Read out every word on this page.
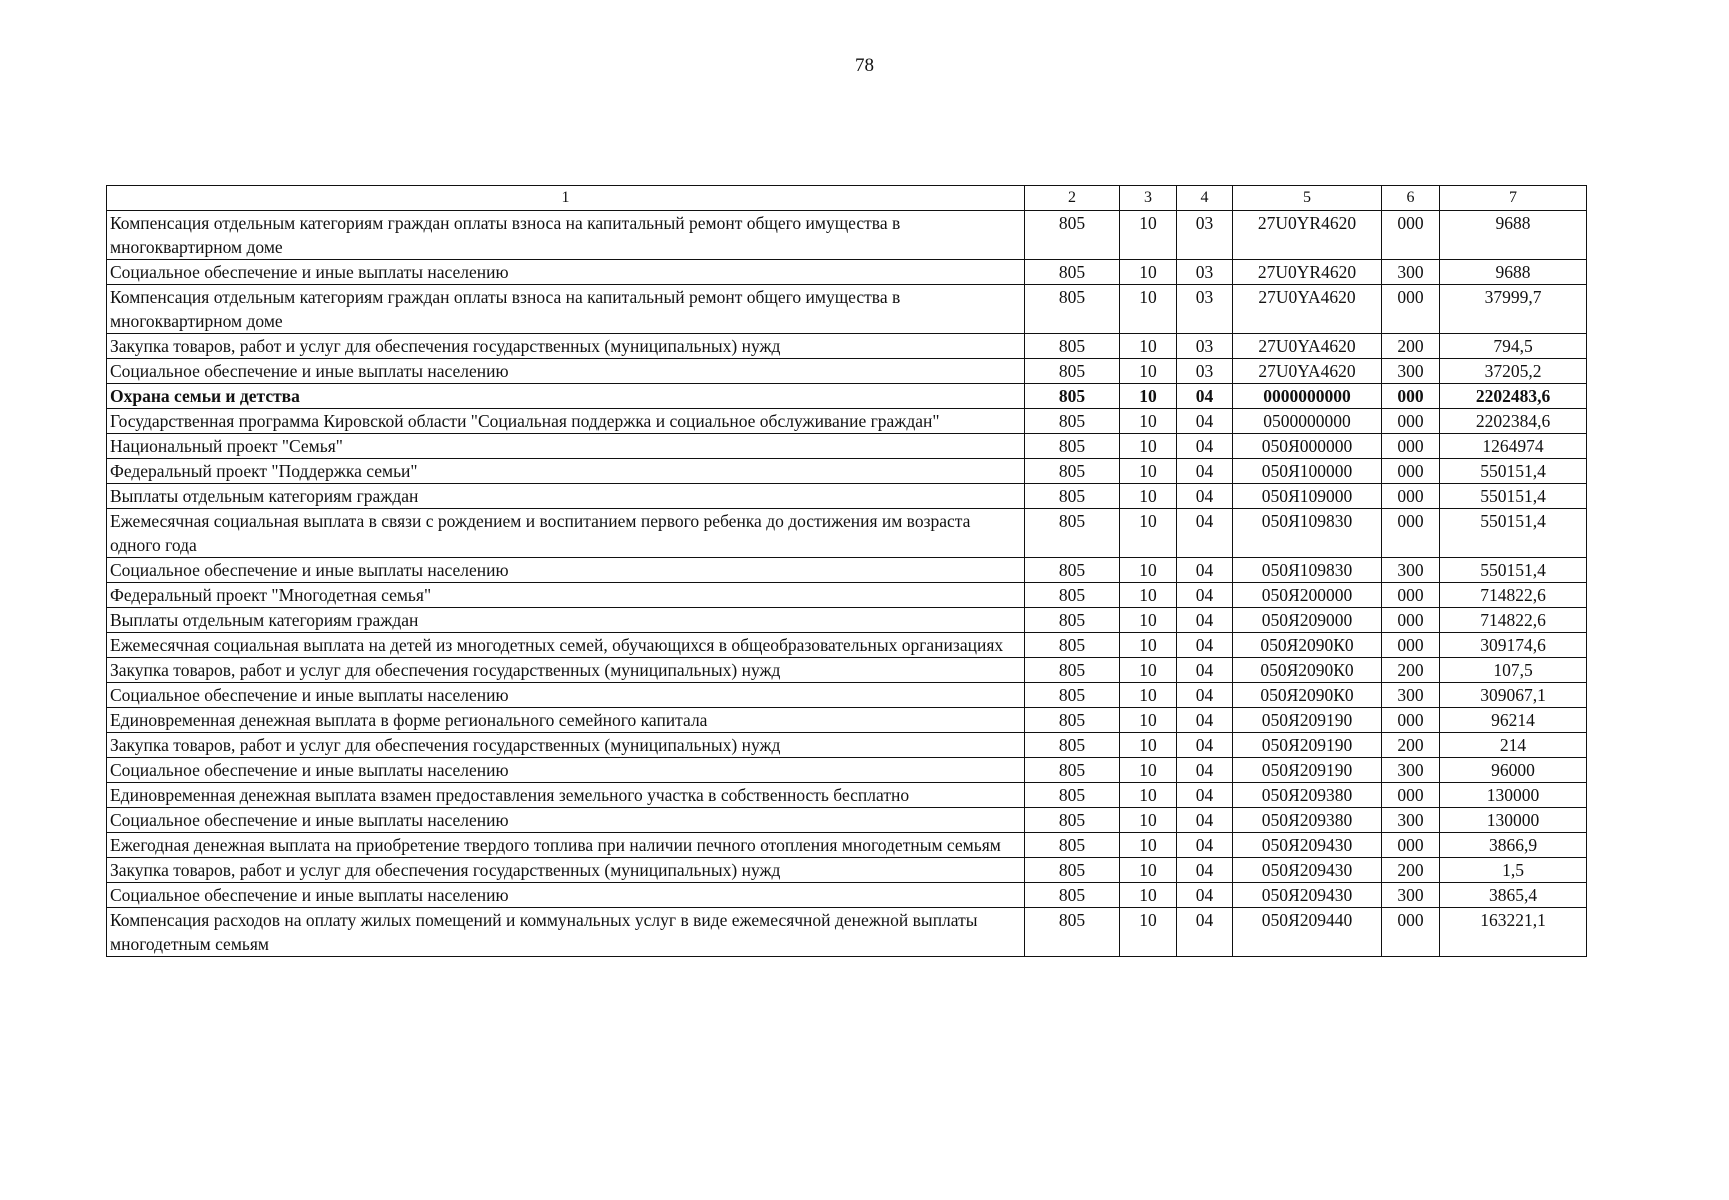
78
1	2	3	4	5	6	7
Компенсация отдельным категориям граждан оплаты взноса на капитальный ремонт общего имущества в многоквартирном доме	805	10	03	27U0YR4620	000	9688
Социальное обеспечение и иные выплаты населению	805	10	03	27U0YR4620	300	9688
Компенсация отдельным категориям граждан оплаты взноса на капитальный ремонт общего имущества в многоквартирном доме	805	10	03	27U0YA4620	000	37999,7
Закупка товаров, работ и услуг для обеспечения государственных (муниципальных) нужд	805	10	03	27U0YA4620	200	794,5
Социальное обеспечение и иные выплаты населению	805	10	03	27U0YA4620	300	37205,2
Охрана семьи и детства	805	10	04	0000000000	000	2202483,6
Государственная программа Кировской области "Социальная поддержка и социальное обслуживание граждан"	805	10	04	0500000000	000	2202384,6
Национальный проект "Семья"	805	10	04	050Я000000	000	1264974
Федеральный проект "Поддержка семьи"	805	10	04	050Я100000	000	550151,4
Выплаты отдельным категориям граждан	805	10	04	050Я109000	000	550151,4
Ежемесячная социальная выплата в связи с рождением и воспитанием первого ребенка до достижения им возраста одного года	805	10	04	050Я109830	000	550151,4
Социальное обеспечение и иные выплаты населению	805	10	04	050Я109830	300	550151,4
Федеральный проект "Многодетная семья"	805	10	04	050Я200000	000	714822,6
Выплаты отдельным категориям граждан	805	10	04	050Я209000	000	714822,6
Ежемесячная социальная выплата на детей из многодетных семей, обучающихся в общеобразовательных организациях	805	10	04	050Я2090К0	000	309174,6
Закупка товаров, работ и услуг для обеспечения государственных (муниципальных) нужд	805	10	04	050Я2090К0	200	107,5
Социальное обеспечение и иные выплаты населению	805	10	04	050Я2090К0	300	309067,1
Единовременная денежная выплата в форме регионального семейного капитала	805	10	04	050Я209190	000	96214
Закупка товаров, работ и услуг для обеспечения государственных (муниципальных) нужд	805	10	04	050Я209190	200	214
Социальное обеспечение и иные выплаты населению	805	10	04	050Я209190	300	96000
Единовременная денежная выплата взамен предоставления земельного участка в собственность бесплатно	805	10	04	050Я209380	000	130000
Социальное обеспечение и иные выплаты населению	805	10	04	050Я209380	300	130000
Ежегодная денежная выплата на приобретение твердого топлива при наличии печного отопления многодетным семьям	805	10	04	050Я209430	000	3866,9
Закупка товаров, работ и услуг для обеспечения государственных (муниципальных) нужд	805	10	04	050Я209430	200	1,5
Социальное обеспечение и иные выплаты населению	805	10	04	050Я209430	300	3865,4
Компенсация расходов на оплату жилых помещений и коммунальных услуг в виде ежемесячной денежной выплаты многодетным семьям	805	10	04	050Я209440	000	163221,1
